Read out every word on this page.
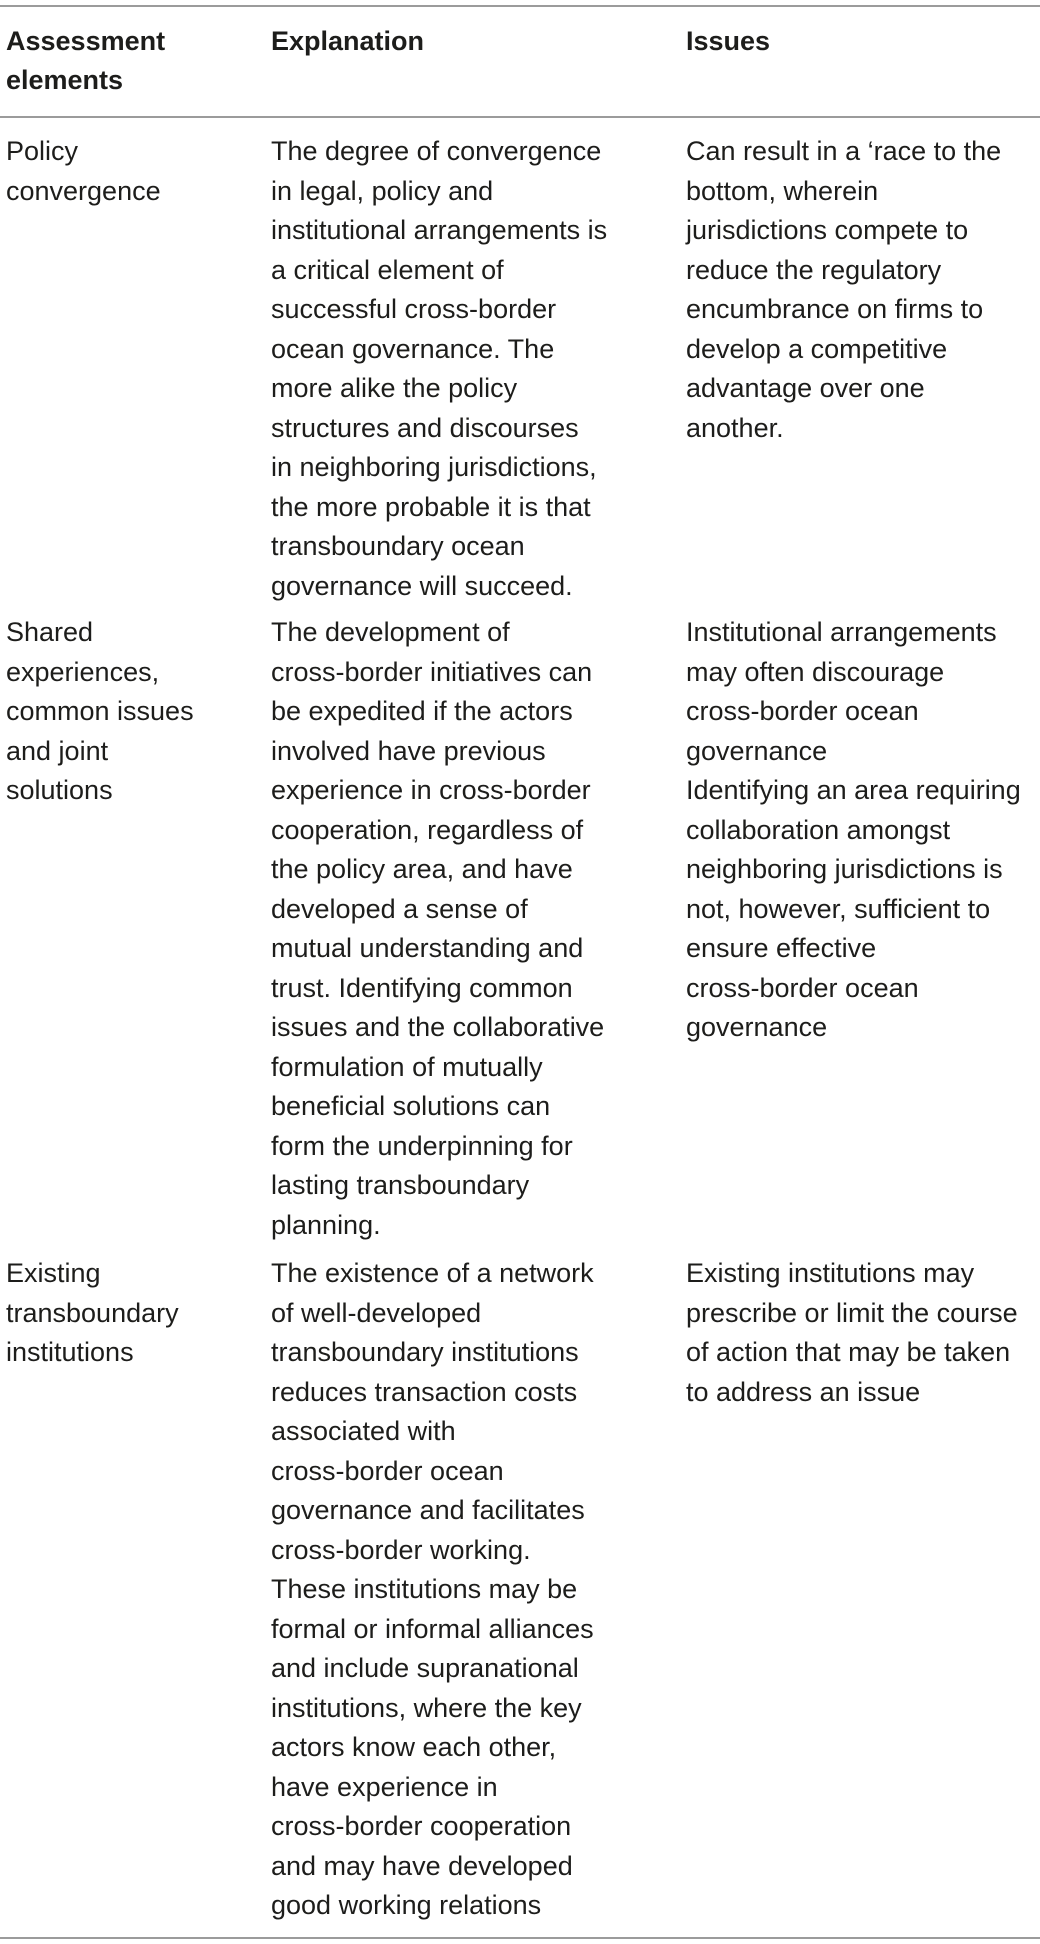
Assessment
elements
Explanation	Issues
Policy
convergence
The degree of convergence
in legal, policy and
institutional arrangements is
a critical element of
successful cross-border
ocean governance. The
more alike the policy
structures and discourses
in neighboring jurisdictions,
the more probable it is that
transboundary ocean
governance will succeed.
Can result in a ‘race to the
bottom, wherein
jurisdictions compete to
reduce the regulatory
encumbrance on firms to
develop a competitive
advantage over one
another.
Shared
experiences,
common issues
and joint
solutions
The development of
cross-border initiatives can
be expedited if the actors
involved have previous
experience in cross-border
cooperation, regardless of
the policy area, and have
developed a sense of
mutual understanding and
trust. Identifying common
issues and the collaborative
formulation of mutually
beneficial solutions can
form the underpinning for
lasting transboundary
planning.
Institutional arrangements
may often discourage
cross-border ocean
governance
Identifying an area requiring
collaboration amongst
neighboring jurisdictions is
not, however, sufficient to
ensure effective
cross-border ocean
governance
Existing
transboundary
institutions
The existence of a network
of well-developed
transboundary institutions
reduces transaction costs
associated with
cross-border ocean
governance and facilitates
cross-border working.
These institutions may be
formal or informal alliances
and include supranational
institutions, where the key
actors know each other,
have experience in
cross-border cooperation
and may have developed
good working relations
Existing institutions may
prescribe or limit the course
of action that may be taken
to address an issue
